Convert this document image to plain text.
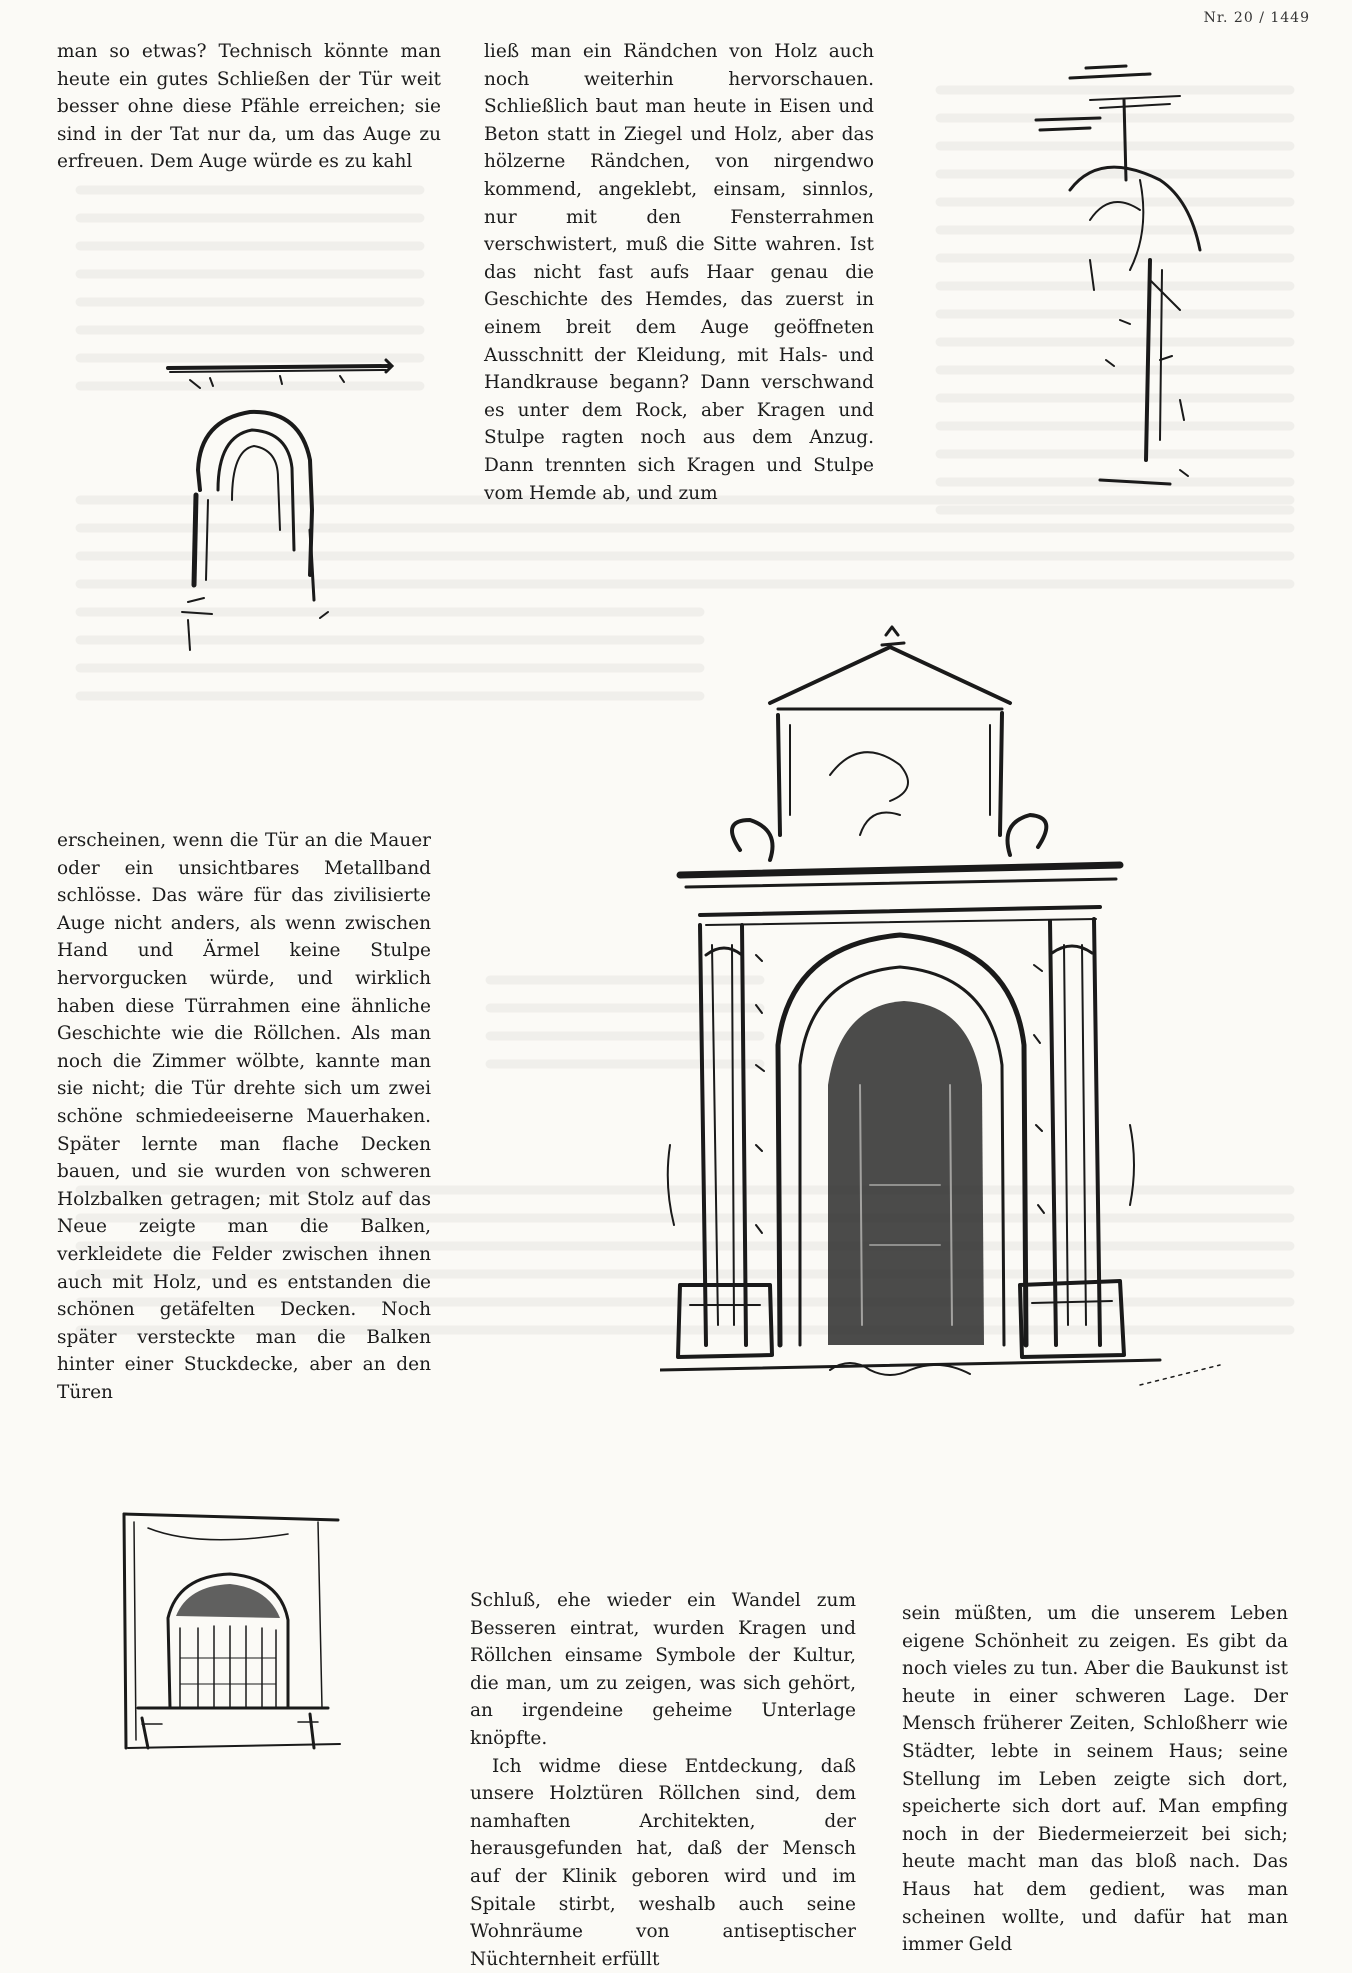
Nr. 20 / 1449

man so etwas? Technisch könnte man heute ein gutes Schließen der Tür weit besser ohne diese Pfähle erreichen; sie sind in der Tat nur da, um das Auge zu erfreuen. Dem Auge würde es zu kahl

ließ man ein Rändchen von Holz auch noch weiterhin hervorschauen. Schließlich baut man heute in Eisen und Beton statt in Ziegel und Holz, aber das hölzerne Rändchen, von nirgendwo kommend, angeklebt, einsam, sinnlos, nur mit den Fensterrahmen verschwistert, muß die Sitte wahren. Ist das nicht fast aufs Haar genau die Geschichte des Hemdes, das zuerst in einem breit dem Auge geöffneten Ausschnitt der Kleidung, mit Hals- und Handkrause begann? Dann verschwand es unter dem Rock, aber Kragen und Stulpe ragten noch aus dem Anzug. Dann trennten sich Kragen und Stulpe vom Hemde ab, und zum

erscheinen, wenn die Tür an die Mauer oder ein unsichtbares Metallband schlösse. Das wäre für das zivilisierte Auge nicht anders, als wenn zwischen Hand und Ärmel keine Stulpe hervorgucken würde, und wirklich haben diese Türrahmen eine ähnliche Geschichte wie die Röllchen. Als man noch die Zimmer wölbte, kannte man sie nicht; die Tür drehte sich um zwei schöne schmiedeeiserne Mauerhaken. Später lernte man flache Decken bauen, und sie wurden von schweren Holzbalken getragen; mit Stolz auf das Neue zeigte man die Balken, verkleidete die Felder zwischen ihnen auch mit Holz, und es entstanden die schönen getäfelten Decken. Noch später versteckte man die Balken hinter einer Stuckdecke, aber an den Türen

Schluß, ehe wieder ein Wandel zum Besseren eintrat, wurden Kragen und Röllchen einsame Symbole der Kultur, die man, um zu zeigen, was sich gehört, an irgendeine geheime Unterlage knöpfte.

Ich widme diese Entdeckung, daß unsere Holztüren Röllchen sind, dem namhaften Architekten, der herausgefunden hat, daß der Mensch auf der Klinik geboren wird und im Spitale stirbt, weshalb auch seine Wohnräume von antiseptischer Nüchternheit erfüllt

sein müßten, um die unserem Leben eigene Schönheit zu zeigen. Es gibt da noch vieles zu tun. Aber die Baukunst ist heute in einer schweren Lage. Der Mensch früherer Zeiten, Schloßherr wie Städter, lebte in seinem Haus; seine Stellung im Leben zeigte sich dort, speicherte sich dort auf. Man empfing noch in der Biedermeierzeit bei sich; heute macht man das bloß nach. Das Haus hat dem gedient, was man scheinen wollte, und dafür hat man immer Geld
